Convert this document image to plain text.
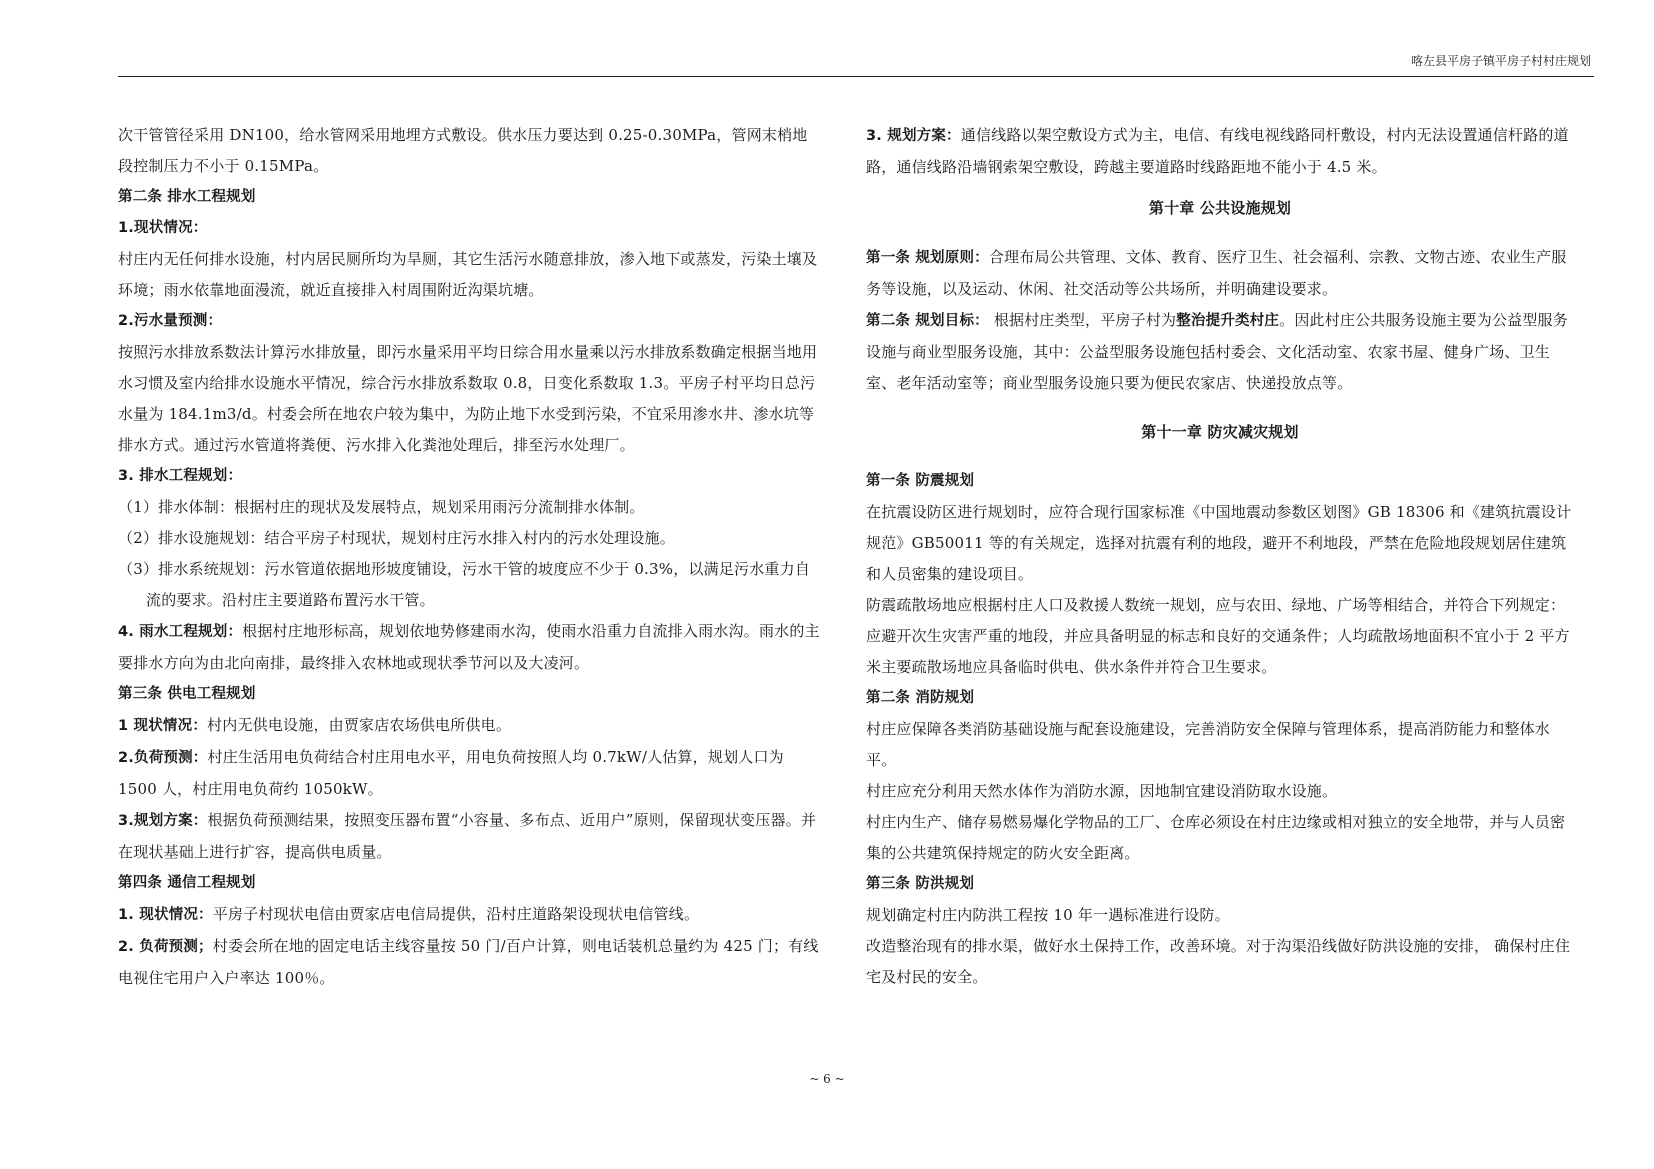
喀左县平房子镇平房子村村庄规划

次干管管径采用 DN100，给水管网采用地埋方式敷设。供水压力要达到 0.25-0.30MPa，管网末梢地段控制压力不小于 0.15MPa。

第二条 排水工程规划

1.现状情况：

村庄内无任何排水设施，村内居民厕所均为旱厕，其它生活污水随意排放，渗入地下或蒸发，污染土壤及环境；雨水依靠地面漫流，就近直接排入村周围附近沟渠坑塘。

2.污水量预测：

按照污水排放系数法计算污水排放量，即污水量采用平均日综合用水量乘以污水排放系数确定根据当地用水习惯及室内给排水设施水平情况，综合污水排放系数取 0.8，日变化系数取 1.3。平房子村平均日总污水量为 184.1m3/d。村委会所在地农户较为集中，为防止地下水受到污染，不宜采用渗水井、渗水坑等排水方式。通过污水管道将粪便、污水排入化粪池处理后，排至污水处理厂。

3. 排水工程规划：

（1）排水体制：根据村庄的现状及发展特点，规划采用雨污分流制排水体制。

（2）排水设施规划：结合平房子村现状，规划村庄污水排入村内的污水处理设施。

（3）排水系统规划：污水管道依据地形坡度铺设，污水干管的坡度应不少于 0.3%，以满足污水重力自流的要求。沿村庄主要道路布置污水干管。

4. 雨水工程规划：根据村庄地形标高，规划依地势修建雨水沟，使雨水沿重力自流排入雨水沟。雨水的主要排水方向为由北向南排，最终排入农林地或现状季节河以及大凌河。

第三条 供电工程规划

1 现状情况：村内无供电设施，由贾家店农场供电所供电。

2.负荷预测：村庄生活用电负荷结合村庄用电水平，用电负荷按照人均 0.7kW/人估算，规划人口为 1500 人，村庄用电负荷约 1050kW。

3.规划方案：根据负荷预测结果，按照变压器布置“小容量、多布点、近用户”原则，保留现状变压器。并在现状基础上进行扩容，提高供电质量。

第四条 通信工程规划

1. 现状情况：平房子村现状电信由贾家店电信局提供，沿村庄道路架设现状电信管线。

2. 负荷预测；村委会所在地的固定电话主线容量按 50 门/百户计算，则电话装机总量约为 425 门；有线电视住宅用户入户率达 100％。

3. 规划方案：通信线路以架空敷设方式为主，电信、有线电视线路同杆敷设，村内无法设置通信杆路的道路，通信线路沿墙钢索架空敷设，跨越主要道路时线路距地不能小于 4.5 米。

第十章 公共设施规划

第一条 规划原则：合理布局公共管理、文体、教育、医疗卫生、社会福利、宗教、文物古迹、农业生产服务等设施，以及运动、休闲、社交活动等公共场所，并明确建设要求。

第二条 规划目标： 根据村庄类型，平房子村为整治提升类村庄。因此村庄公共服务设施主要为公益型服务设施与商业型服务设施，其中：公益型服务设施包括村委会、文化活动室、农家书屋、健身广场、卫生室、老年活动室等；商业型服务设施只要为便民农家店、快递投放点等。

第十一章 防灾减灾规划

第一条 防震规划

在抗震设防区进行规划时，应符合现行国家标准《中国地震动参数区划图》GB 18306 和《建筑抗震设计规范》GB50011 等的有关规定，选择对抗震有利的地段，避开不利地段，严禁在危险地段规划居住建筑和人员密集的建设项目。

防震疏散场地应根据村庄人口及救援人数统一规划，应与农田、绿地、广场等相结合，并符合下列规定：应避开次生灾害严重的地段，并应具备明显的标志和良好的交通条件；人均疏散场地面积不宜小于 2 平方米主要疏散场地应具备临时供电、供水条件并符合卫生要求。

第二条 消防规划

村庄应保障各类消防基础设施与配套设施建设，完善消防安全保障与管理体系，提高消防能力和整体水平。

村庄应充分利用天然水体作为消防水源，因地制宜建设消防取水设施。

村庄内生产、储存易燃易爆化学物品的工厂、仓库必须设在村庄边缘或相对独立的安全地带，并与人员密集的公共建筑保持规定的防火安全距离。

第三条 防洪规划

规划确定村庄内防洪工程按 10 年一遇标准进行设防。

改造整治现有的排水渠，做好水土保持工作，改善环境。对于沟渠沿线做好防洪设施的安排， 确保村庄住宅及村民的安全。

~ 6 ~
